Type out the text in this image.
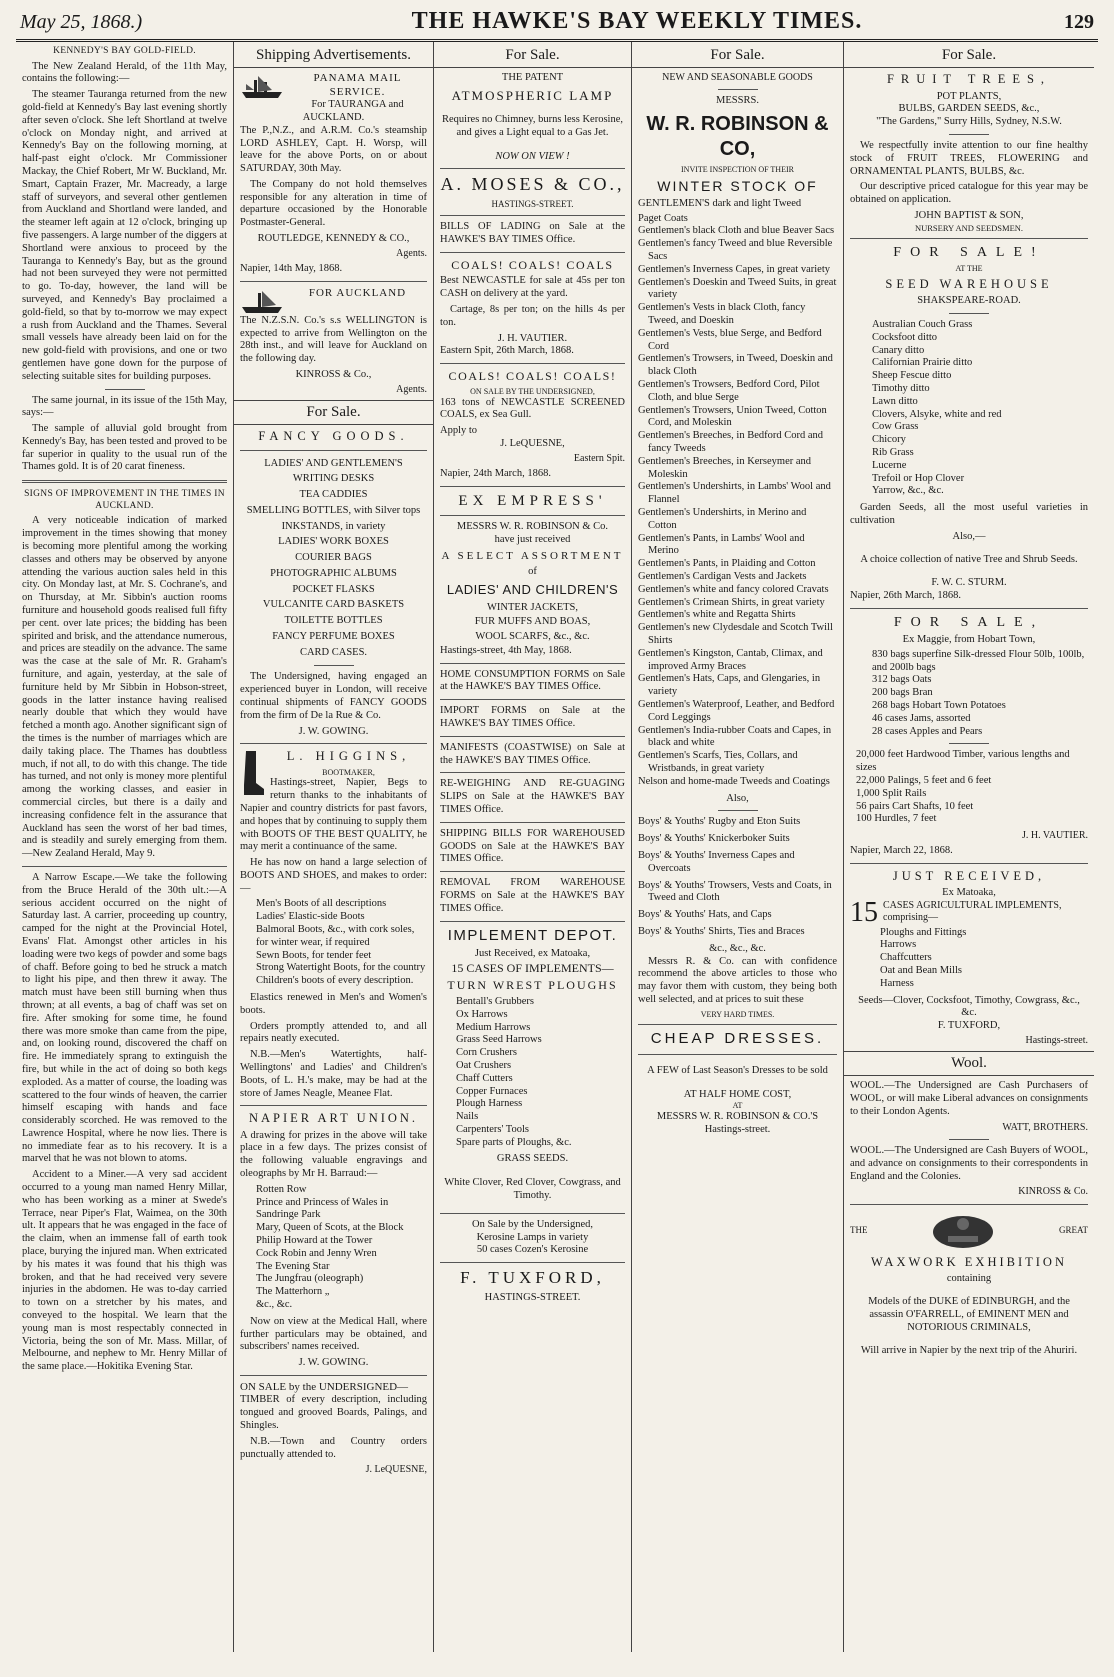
May 25, 1868.)	THE HAWKE'S BAY WEEKLY TIMES.	129
KENNEDY'S BAY GOLD-FIELD.

The New Zealand Herald, of the 11th May, contains the following:—

The steamer Tauranga returned from the new gold-field at Kennedy's Bay last evening shortly after seven o'clock. She left Shortland at twelve o'clock on Monday night, and arrived at Kennedy's Bay on the following morning, at half-past eight o'clock. Mr Commissioner Mackay, the Chief Robert, Mr W. Buckland, Mr. Smart, Captain Frazer, Mr. Macready, a large staff of surveyors, and several other gentlemen from Auckland and Shortland were landed, and the steamer left again at 12 o'clock, bringing up five passengers. A large number of the diggers at Shortland were anxious to proceed by the Tauranga to Kennedy's Bay, but as the ground had not been surveyed they were not permitted to go. To-day, however, the land will be surveyed, and Kennedy's Bay proclaimed a gold-field, so that by to-morrow we may expect a rush from Auckland and the Thames. Several small vessels have already been laid on for the new gold-field with provisions, and one or two gentlemen have gone down for the purpose of selecting suitable sites for building purposes.

The same journal, in its issue of the 15th May, says:—

The sample of alluvial gold brought from Kennedy's Bay, has been tested and proved to be far superior in quality to the usual run of the Thames gold. It is of 20 carat fineness.

SIGNS OF IMPROVEMENT IN THE TIMES IN AUCKLAND.

A very noticeable indication of marked improvement in the times showing that money is becoming more plentiful among the working classes and others may be observed by anyone attending the various auction sales held in this city. On Monday last, at Mr. S. Cochrane's, and on Thursday, at Mr. Sibbin's auction rooms furniture and household goods realised full fifty per cent. over late prices; the bidding has been spirited and brisk, and the attendance numerous, and prices are steadily on the advance. The same was the case at the sale of Mr. R. Graham's furniture, and again, yesterday, at the sale of furniture held by Mr Sibbin in Hobson-street, goods in the latter instance having realised nearly double that which they would have fetched a month ago. Another significant sign of the times is the number of marriages which are daily taking place. The Thames has doubtless much, if not all, to do with this change. The tide has turned, and not only is money more plentiful among the working classes, and easier in commercial circles, but there is a daily and increasing confidence felt in the assurance that Auckland has seen the worst of her bad times, and is steadily and surely emerging from them.—New Zealand Herald, May 9.

A Narrow Escape.—We take the following from the Bruce Herald of the 30th ult.:—A serious accident occurred on the night of Saturday last. A carrier, proceeding up country, camped for the night at the Provincial Hotel, Evans' Flat. Amongst other articles in his loading were two kegs of powder and some bags of chaff. Before going to bed he struck a match to light his pipe, and then threw it away. The match must have been still burning when thus thrown; at all events, a bag of chaff was set on fire. After smoking for some time, he found there was more smoke than came from the pipe, and, on looking round, discovered the chaff on fire. He immediately sprang to extinguish the fire, but while in the act of doing so both kegs exploded. As a matter of course, the loading was scattered to the four winds of heaven, the carrier himself escaping with hands and face considerably scorched. He was removed to the Lawrence Hospital, where he now lies. There is no immediate fear as to his recovery. It is a marvel that he was not blown to atoms.

Accident to a Miner.—A very sad accident occurred to a young man named Henry Millar, who has been working as a miner at Swede's Terrace, near Piper's Flat, Waimea, on the 30th ult. It appears that he was engaged in the face of the claim, when an immense fall of earth took place, burying the injured man. When extricated by his mates it was found that his thigh was broken, and that he had received very severe injuries in the abdomen. He was to-day carried to town on a stretcher by his mates, and conveyed to the hospital. We learn that the young man is most respectably connected in Victoria, being the son of Mr. Mass. Millar, of Melbourne, and nephew to Mr. Henry Millar of the same place.—Hokitika Evening Star.

Shipping Advertisements.
PANAMA MAIL SERVICE.
For TAURANGA and AUCKLAND.

The P.,N.Z., and A.R.M. Co.'s steamship LORD ASHLEY, Capt. H. Worsp, will leave for the above Ports, on or about SATURDAY, 30th May.

The Company do not hold themselves responsible for any alteration in time of departure occasioned by the Honorable Postmaster-General.

ROUTLEDGE, KENNEDY & CO.,
Agents.
Napier, 14th May, 1868.
FOR AUCKLAND

The N.Z.S.N. Co.'s s.s WELLINGTON is expected to arrive from Wellington on the 28th inst., and will leave for Auckland on the following day.

KINROSS & Co.,
Agents.
For Sale.
FANCY GOODS.
LADIES' AND GENTLEMEN'S
WRITING DESKS
TEA CADDIES
SMELLING BOTTLES, with Silver tops
INKSTANDS, in variety
LADIES' WORK BOXES
COURIER BAGS
PHOTOGRAPHIC ALBUMS
POCKET FLASKS
VULCANITE CARD BASKETS
TOILETTE BOTTLES
FANCY PERFUME BOXES
CARD CASES.

The Undersigned, having engaged an experienced buyer in London, will receive continual shipments of FANCY GOODS from the firm of De la Rue & Co.

J. W. GOWING.
L. HIGGINS,
BOOTMAKER,

Hastings-street, Napier, Begs to return thanks to the inhabitants of Napier and country districts for past favors, and hopes that by continuing to supply them with BOOTS OF THE BEST QUALITY, he may merit a continuance of the same.

He has now on hand a large selection of BOOTS AND SHOES, and makes to order:—

Men's Boots of all descriptions
Ladies' Elastic-side Boots
Balmoral Boots, &c., with cork soles, for winter wear, if required
Sewn Boots, for tender feet
Strong Watertight Boots, for the country
Children's boots of every description.

Elastics renewed in Men's and Women's boots.

Orders promptly attended to, and all repairs neatly executed.

N.B.—Men's Watertights, half-Wellingtons' and Ladies' and Children's Boots, of L. H.'s make, may be had at the store of James Neagle, Meanee Flat.

NAPIER ART UNION.

A drawing for prizes in the above will take place in a few days. The prizes consist of the following valuable engravings and oleographs by Mr H. Barraud:—

Rotten Row
Prince and Princess of Wales in Sandringe Park
Mary, Queen of Scots, at the Block
Philip Howard at the Tower
Cock Robin and Jenny Wren
The Evening Star
The Jungfrau (oleograph)
The Matterhorn „
&c., &c.

Now on view at the Medical Hall, where further particulars may be obtained, and subscribers' names received.

J. W. GOWING.
ON SALE by the UNDERSIGNED—

TIMBER of every description, including tongued and grooved Boards, Palings, and Shingles.

N.B.—Town and Country orders punctually attended to.

J. LeQUESNE,
For Sale.
THE PATENT
ATMOSPHERIC LAMP

Requires no Chimney, burns less Kerosine, and gives a Light equal to a Gas Jet.

NOW ON VIEW !
A. MOSES & CO.,
HASTINGS-STREET.

BILLS OF LADING on Sale at the HAWKE'S BAY TIMES Office.

COALS! COALS! COALS

Best NEWCASTLE for sale at 45s per ton CASH on delivery at the yard.

Cartage, 8s per ton; on the hills 4s per ton.

J. H. VAUTIER.
Eastern Spit, 26th March, 1868.
COALS! COALS! COALS!
ON SALE BY THE UNDERSIGNED,

163 tons of NEWCASTLE SCREENED COALS, ex Sea Gull.

Apply to
J. LeQUESNE,
Eastern Spit.
Napier, 24th March, 1868.
EX EMPRESS'
MESSRS W. R. ROBINSON & Co.
have just received
A SELECT ASSORTMENT
of
LADIES' AND CHILDREN'S
WINTER JACKETS,
FUR MUFFS AND BOAS,
WOOL SCARFS, &c., &c.
Hastings-street, 4th May, 1868.

HOME CONSUMPTION FORMS on Sale at the HAWKE'S BAY TIMES Office.

IMPORT FORMS on Sale at the HAWKE'S BAY TIMES Office.

MANIFESTS (COASTWISE) on Sale at the HAWKE'S BAY TIMES Office.

RE-WEIGHING AND RE-GUAGING SLIPS on Sale at the HAWKE'S BAY TIMES Office.

SHIPPING BILLS FOR WAREHOUSED GOODS on Sale at the HAWKE'S BAY TIMES Office.

REMOVAL FROM WAREHOUSE FORMS on Sale at the HAWKE'S BAY TIMES Office.

IMPLEMENT DEPOT.
Just Received, ex Matoaka,
15 CASES OF IMPLEMENTS—
TURN WREST PLOUGHS
Bentall's Grubbers
Ox Harrows
Medium Harrows
Grass Seed Harrows
Corn Crushers
Oat Crushers
Chaff Cutters
Copper Furnaces
Plough Harness
Nails
Carpenters' Tools
Spare parts of Ploughs, &c.
GRASS SEEDS.

White Clover, Red Clover, Cowgrass, and Timothy.

On Sale by the Undersigned,
Kerosine Lamps in variety
50 cases Cozen's Kerosine
F. TUXFORD,
HASTINGS-STREET.
For Sale.
NEW AND SEASONABLE GOODS
MESSRS.
W. R. ROBINSON & CO,
INVITE INSPECTION OF THEIR
WINTER STOCK OF
GENTLEMEN'S dark and light Tweed
Paget Coats
Gentlemen's black Cloth and blue Beaver Sacs
Gentlemen's fancy Tweed and blue Reversible Sacs
Gentlemen's Inverness Capes, in great variety
Gentlemen's Doeskin and Tweed Suits, in great variety
Gentlemen's Vests in black Cloth, fancy Tweed, and Doeskin
Gentlemen's Vests, blue Serge, and Bedford Cord
Gentlemen's Trowsers, in Tweed, Doeskin and black Cloth
Gentlemen's Trowsers, Bedford Cord, Pilot Cloth, and blue Serge
Gentlemen's Trowsers, Union Tweed, Cotton Cord, and Moleskin
Gentlemen's Breeches, in Bedford Cord and fancy Tweeds
Gentlemen's Breeches, in Kerseymer and Moleskin
Gentlemen's Undershirts, in Lambs' Wool and Flannel
Gentlemen's Undershirts, in Merino and Cotton
Gentlemen's Pants, in Lambs' Wool and Merino
Gentlemen's Pants, in Plaiding and Cotton
Gentlemen's Cardigan Vests and Jackets
Gentlemen's white and fancy colored Cravats
Gentlemen's Crimean Shirts, in great variety
Gentlemen's white and Regatta Shirts
Gentlemen's new Clydesdale and Scotch Twill Shirts
Gentlemen's Kingston, Cantab, Climax, and improved Army Braces
Gentlemen's Hats, Caps, and Glengaries, in variety
Gentlemen's Waterproof, Leather, and Bedford Cord Leggings
Gentlemen's India-rubber Coats and Capes, in black and white
Gentlemen's Scarfs, Ties, Collars, and Wristbands, in great variety
Nelson and home-made Tweeds and Coatings
Also,
Boys' & Youths' Rugby and Eton Suits
Boys' & Youths' Knickerboker Suits
Boys' & Youths' Inverness Capes and Overcoats
Boys' & Youths' Trowsers, Vests and Coats, in Tweed and Cloth
Boys' & Youths' Hats, and Caps
Boys' & Youths' Shirts, Ties and Braces
&c., &c., &c.

Messrs R. & Co. can with confidence recommend the above articles to those who may favor them with custom, they being both well selected, and at prices to suit these

VERY HARD TIMES.
CHEAP DRESSES.

A FEW of Last Season's Dresses to be sold

AT HALF HOME COST,
AT
MESSRS W. R. ROBINSON & CO.'S
Hastings-street.
For Sale.
FRUIT TREES,
POT PLANTS,
BULBS, GARDEN SEEDS, &c.,
"The Gardens," Surry Hills, Sydney, N.S.W.

We respectfully invite attention to our fine healthy stock of FRUIT TREES, FLOWERING and ORNAMENTAL PLANTS, BULBS, &c.

Our descriptive priced catalogue for this year may be obtained on application.

JOHN BAPTIST & SON,
NURSERY AND SEEDSMEN.
FOR SALE!
AT THE
SEED WAREHOUSE
SHAKSPEARE-ROAD.
Australian Couch Grass
Cocksfoot ditto
Canary ditto
Californian Prairie ditto
Sheep Fescue ditto
Timothy ditto
Lawn ditto
Clovers, Alsyke, white and red
Cow Grass
Chicory
Rib Grass
Lucerne
Trefoil or Hop Clover
Yarrow, &c., &c.

Garden Seeds, all the most useful varieties in cultivation

Also,—

A choice collection of native Tree and Shrub Seeds.

F. W. C. STURM.
Napier, 26th March, 1868.
FOR SALE,
Ex Maggie, from Hobart Town,
830 bags superfine Silk-dressed Flour 50lb, 100lb, and 200lb bags
312 bags Oats
200 bags Bran
268 bags Hobart Town Potatoes
46 cases Jams, assorted
28 cases Apples and Pears
20,000 feet Hardwood Timber, various lengths and sizes
22,000 Palings, 5 feet and 6 feet
1,000 Split Rails
56 pairs Cart Shafts, 10 feet
100 Hurdles, 7 feet
J. H. VAUTIER.
Napier, March 22, 1868.
JUST RECEIVED,
Ex Matoaka,
15 CASES AGRICULTURAL IMPLEMENTS, comprising—
Ploughs and Fittings
Harrows
Chaffcutters
Oat and Bean Mills
Harness
Seeds—Clover, Cocksfoot, Timothy, Cowgrass, &c., &c.
F. TUXFORD,
Hastings-street.
Wool.

WOOL.—The Undersigned are Cash Purchasers of WOOL, or will make Liberal advances on consignments to their London Agents.

WATT, BROTHERS.

WOOL.—The Undersigned are Cash Buyers of WOOL, and advance on consignments to their correspondents in England and the Colonies.

KINROSS & Co.
THE	GREAT
WAXWORK EXHIBITION
containing

Models of the DUKE of EDINBURGH, and the assassin O'FARRELL, of EMINENT MEN and NOTORIOUS CRIMINALS,

Will arrive in Napier by the next trip of the Ahuriri.
